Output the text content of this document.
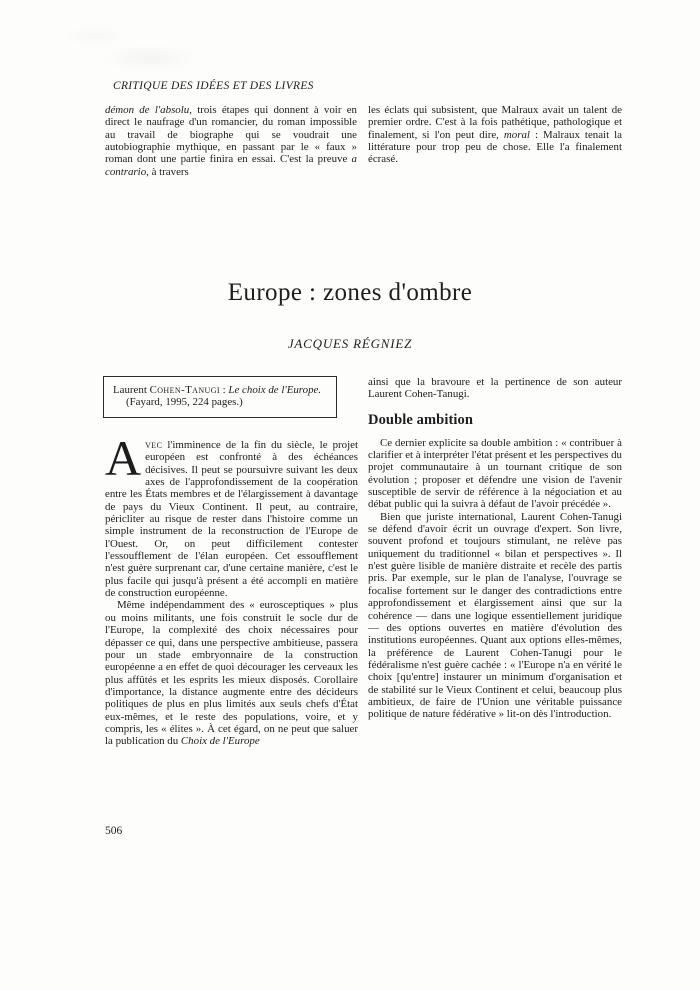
CRITIQUE DES IDÉES ET DES LIVRES

démon de l'absolu, trois étapes qui donnent à voir en direct le naufrage d'un romancier, du roman impossible au travail de biographe qui se voudrait une autobiographie mythique, en passant par le « faux » roman dont une partie finira en essai. C'est la preuve a contrario, à travers

les éclats qui subsistent, que Malraux avait un talent de premier ordre. C'est à la fois pathétique, pathologique et finalement, si l'on peut dire, moral : Malraux tenait la littérature pour trop peu de chose. Elle l'a finalement écrasé.

Europe : zones d'ombre
JACQUES RÉGNIEZ

Laurent Cohen-Tanugi : Le choix de l'Europe. (Fayard, 1995, 224 pages.)

Avec l'imminence de la fin du siècle, le projet européen est confronté à des échéances décisives. Il peut se poursuivre suivant les deux axes de l'approfondissement de la coopération entre les États membres et de l'élargissement à davantage de pays du Vieux Continent. Il peut, au contraire, péricliter au risque de rester dans l'histoire comme un simple instrument de la reconstruction de l'Europe de l'Ouest. Or, on peut difficilement contester l'essoufflement de l'élan européen. Cet essoufflement n'est guère surprenant car, d'une certaine manière, c'est le plus facile qui jusqu'à présent a été accompli en matière de construction européenne.

Même indépendamment des « eurosceptiques » plus ou moins militants, une fois construit le socle dur de l'Europe, la complexité des choix nécessaires pour dépasser ce qui, dans une perspective ambitieuse, passera pour un stade embryonnaire de la construction européenne a en effet de quoi décourager les cerveaux les plus affûtés et les esprits les mieux disposés. Corollaire d'importance, la distance augmente entre des décideurs politiques de plus en plus limités aux seuls chefs d'État eux-mêmes, et le reste des populations, voire, et y compris, les « élites ». À cet égard, on ne peut que saluer la publication du Choix de l'Europe

ainsi que la bravoure et la pertinence de son auteur Laurent Cohen-Tanugi.

Double ambition

Ce dernier explicite sa double ambition : « contribuer à clarifier et à interpréter l'état présent et les perspectives du projet communautaire à un tournant critique de son évolution ; proposer et défendre une vision de l'avenir susceptible de servir de référence à la négociation et au débat public qui la suivra à défaut de l'avoir précédée ».

Bien que juriste international, Laurent Cohen-Tanugi se défend d'avoir écrit un ouvrage d'expert. Son livre, souvent profond et toujours stimulant, ne relève pas uniquement du traditionnel « bilan et perspectives ». Il n'est guère lisible de manière distraite et recèle des partis pris. Par exemple, sur le plan de l'analyse, l'ouvrage se focalise fortement sur le danger des contradictions entre approfondissement et élargissement ainsi que sur la cohérence — dans une logique essentiellement juridique — des options ouvertes en matière d'évolution des institutions européennes. Quant aux options elles-mêmes, la préférence de Laurent Cohen-Tanugi pour le fédéralisme n'est guère cachée : « l'Europe n'a en vérité le choix [qu'entre] instaurer un minimum d'organisation et de stabilité sur le Vieux Continent et celui, beaucoup plus ambitieux, de faire de l'Union une véritable puissance politique de nature fédérative » lit-on dès l'introduction.

506
